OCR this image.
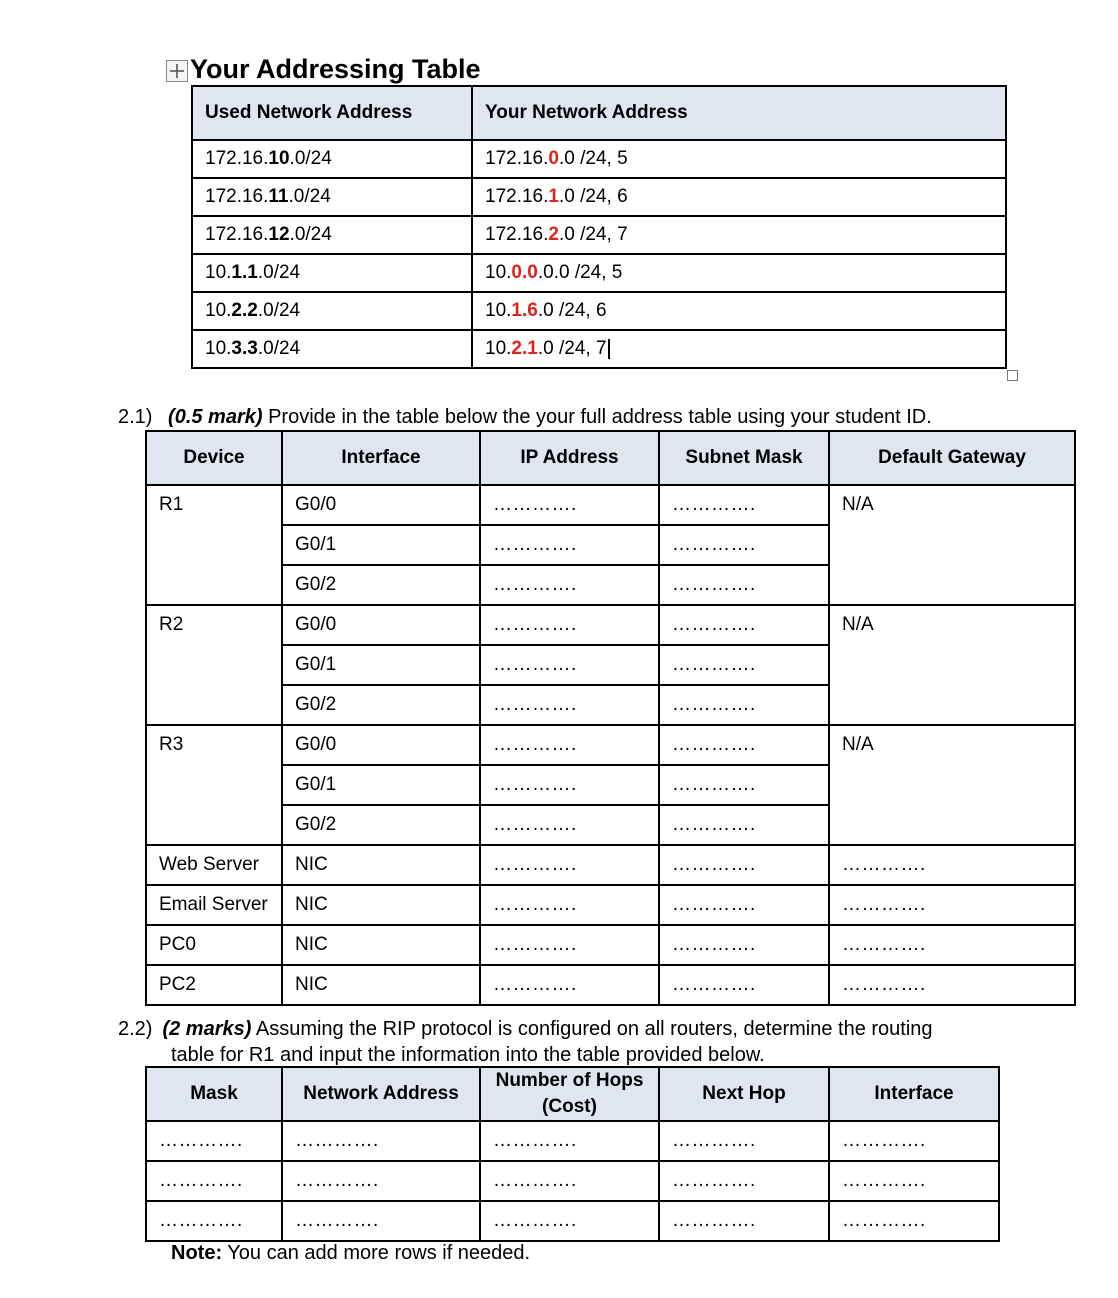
Your Addressing Table
Used Network Address	Your Network Address
172.16.10.0/24	172.16.0.0 /24, 5
172.16.11.0/24	172.16.1.0 /24, 6
172.16.12.0/24	172.16.2.0 /24, 7
10.1.1.0/24	10.0.0.0.0 /24, 5
10.2.2.0/24	10.1.6.0 /24, 6
10.3.3.0/24	10.2.1.0 /24, 7
2.1) (0.5 mark) Provide in the table below the your full address table using your student ID.
Device	Interface	IP Address	Subnet Mask	Default Gateway
R1	G0/0	………….	………….	N/A
	G0/1	………….	………….	
	G0/2	………….	………….	
R2	G0/0	………….	………….	N/A
	G0/1	………….	………….	
	G0/2	………….	………….	
R3	G0/0	………….	………….	N/A
	G0/1	………….	………….	
	G0/2	………….	………….	
Web Server	NIC	………….	………….	………….
Email Server	NIC	………….	………….	………….
PC0	NIC	………….	………….	………….
PC2	NIC	………….	………….	………….
2.2) (2 marks) Assuming the RIP protocol is configured on all routers, determine the routing
table for R1 and input the information into the table provided below.
Mask	Network Address	Number of Hops (Cost)	Next Hop	Interface
………….	………….	………….	………….	………….
………….	………….	………….	………….	………….
………….	………….	………….	………….	………….
Note: You can add more rows if needed.
